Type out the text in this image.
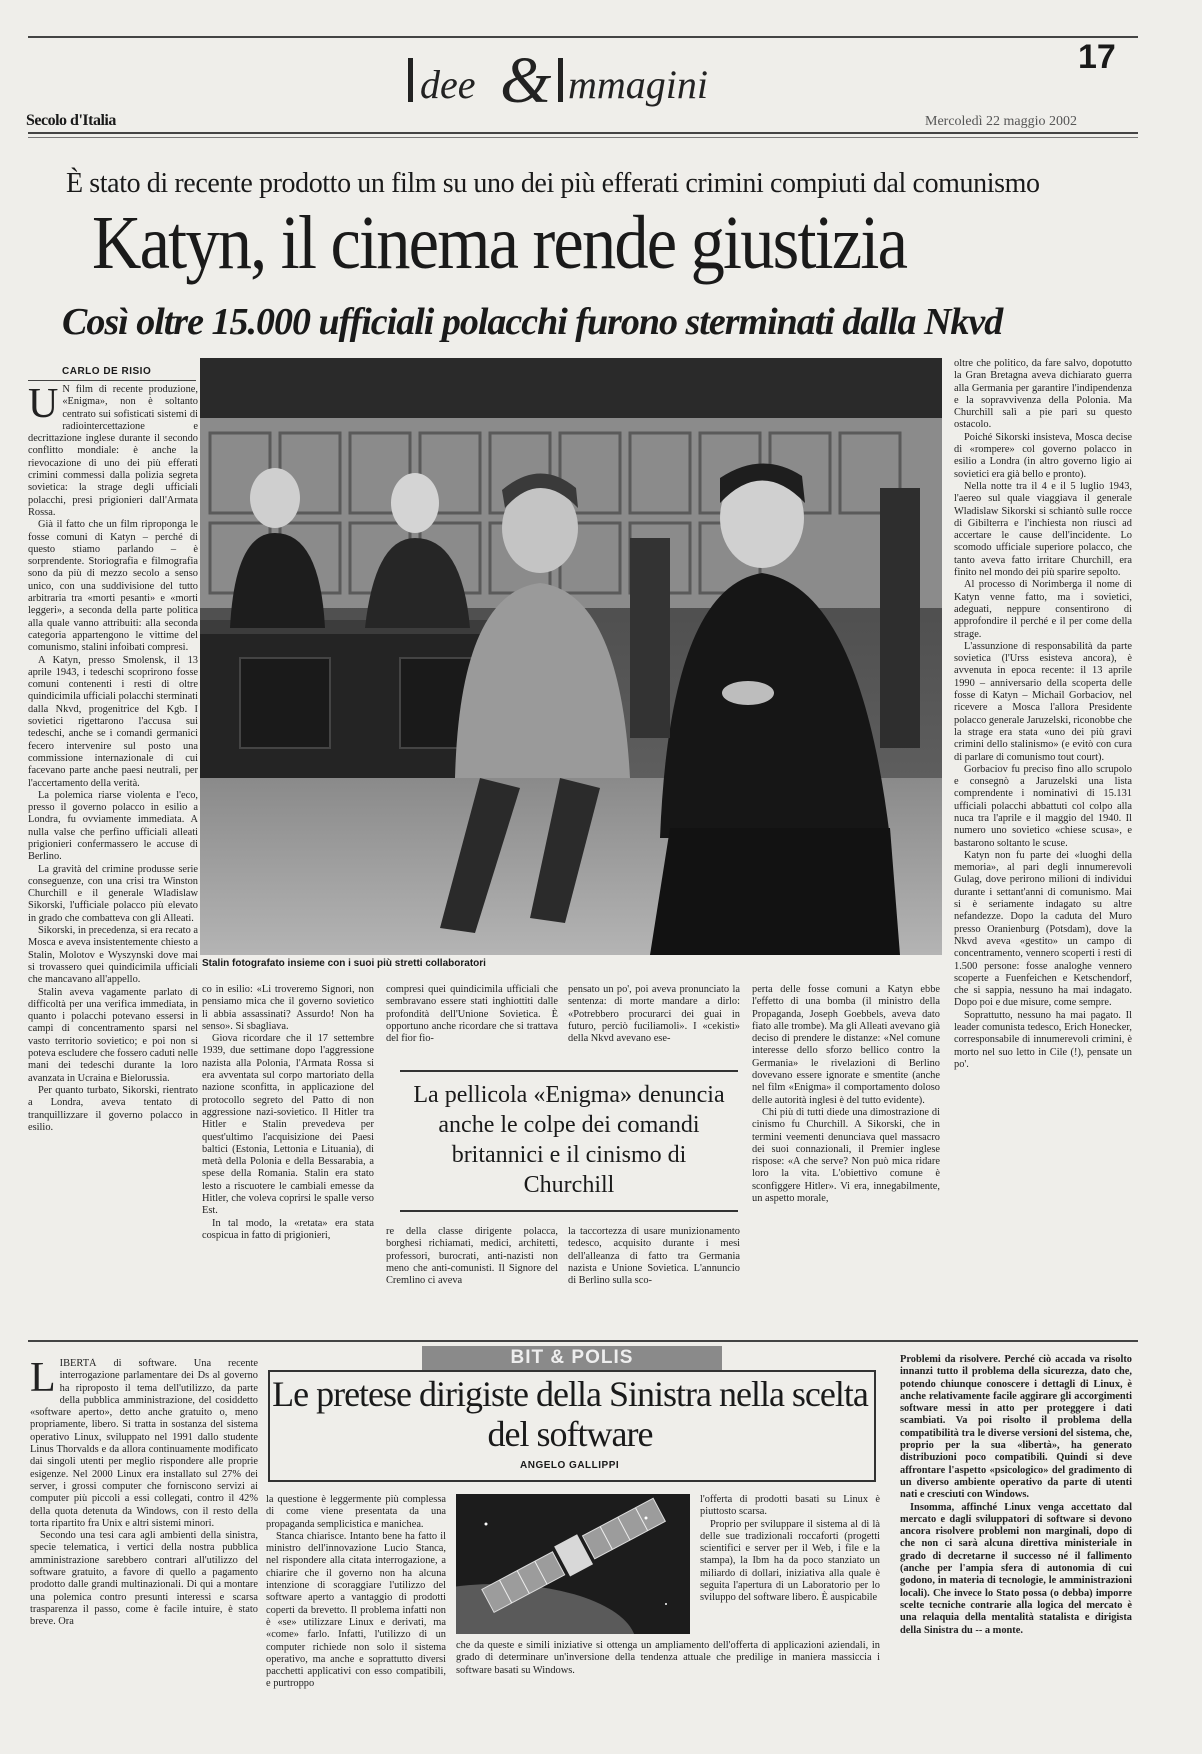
dee & mmagini
17
Secolo d'Italia	Mercoledì 22 maggio 2002
È stato di recente prodotto un film su uno dei più efferati crimini compiuti dal comunismo
Katyn, il cinema rende giustizia
Così oltre 15.000 ufficiali polacchi furono sterminati dalla Nkvd
CARLO DE RISIO

U N film di recente produzione, «Enigma», non è soltanto centrato sui sofisticati sistemi di radiointercettazione e decrittazione inglese durante il secondo conflitto mondiale: è anche la rievocazione di uno dei più efferati crimini commessi dalla polizia segreta sovietica: la strage degli ufficiali polacchi, presi prigionieri dall'Armata Rossa.

Già il fatto che un film riproponga le fosse comuni di Katyn – perché di questo stiamo parlando – è sorprendente. Storiografia e filmografia sono da più di mezzo secolo a senso unico, con una suddivisione del tutto arbitraria tra «morti pesanti» e «morti leggeri», a seconda della parte politica alla quale vanno attribuiti: alla seconda categoria appartengono le vittime del comunismo, stalini infoibati compresi.

A Katyn, presso Smolensk, il 13 aprile 1943, i tedeschi scoprirono fosse comuni contenenti i resti di oltre quindicimila ufficiali polacchi sterminati dalla Nkvd, progenitrice del Kgb. I sovietici rigettarono l'accusa sui tedeschi, anche se i comandi germanici fecero intervenire sul posto una commissione internazionale di cui facevano parte anche paesi neutrali, per l'accertamento della verità.

La polemica riarse violenta e l'eco, presso il governo polacco in esilio a Londra, fu ovviamente immediata. A nulla valse che perfino ufficiali alleati prigionieri confermassero le accuse di Berlino.

La gravità del crimine produsse serie conseguenze, con una crisi tra Winston Churchill e il generale Wladislaw Sikorski, l'ufficiale polacco più elevato in grado che combatteva con gli Alleati.

Sikorski, in precedenza, si era recato a Mosca e aveva insistentemente chiesto a Stalin, Molotov e Wyszynski dove mai si trovassero quei quindicimila ufficiali che mancavano all'appello.

Stalin aveva vagamente parlato di difficoltà per una verifica immediata, in quanto i polacchi potevano essersi in campi di concentramento sparsi nel vasto territorio sovietico; e poi non si poteva escludere che fossero caduti nelle mani dei tedeschi durante la loro avanzata in Ucraina e Bielorussia.

Per quanto turbato, Sikorski, rientrato a Londra, aveva tentato di tranquillizzare il governo polacco in esilio.

Stalin fotografato insieme con i suoi più stretti collaboratori

oltre che politico, da fare salvo, dopotutto la Gran Bretagna aveva dichiarato guerra alla Germania per garantire l'indipendenza e la sopravvivenza della Polonia. Ma Churchill salì a pie pari su questo ostacolo.

Poiché Sikorski insisteva, Mosca decise di «rompere» col governo polacco in esilio a Londra (in altro governo ligio ai sovietici era già bello e pronto).

Nella notte tra il 4 e il 5 luglio 1943, l'aereo sul quale viaggiava il generale Wladislaw Sikorski si schiantò sulle rocce di Gibilterra e l'inchiesta non riuscì ad accertare le cause dell'incidente. Lo scomodo ufficiale superiore polacco, che tanto aveva fatto irritare Churchill, era finito nel mondo dei più sparire sepolto.

Al processo di Norimberga il nome di Katyn venne fatto, ma i sovietici, adeguati, neppure consentirono di approfondire il perché e il per come della strage.

L'assunzione di responsabilità da parte sovietica (l'Urss esisteva ancora), è avvenuta in epoca recente: il 13 aprile 1990 – anniversario della scoperta delle fosse di Katyn – Michail Gorbaciov, nel ricevere a Mosca l'allora Presidente polacco generale Jaruzelski, riconobbe che la strage era stata «uno dei più gravi crimini dello stalinismo» (e evitò con cura di parlare di comunismo tout court).

Gorbaciov fu preciso fino allo scrupolo e consegnò a Jaruzelski una lista comprendente i nominativi di 15.131 ufficiali polacchi abbattuti col colpo alla nuca tra l'aprile e il maggio del 1940. Il numero uno sovietico «chiese scusa», e bastarono soltanto le scuse.

Katyn non fu parte dei «luoghi della memoria», al pari degli innumerevoli Gulag, dove perirono milioni di individui durante i settant'anni di comunismo. Mai si è seriamente indagato su altre nefandezze. Dopo la caduta del Muro presso Oranienburg (Potsdam), dove la Nkvd aveva «gestito» un campo di concentramento, vennero scoperti i resti di 1.500 persone: fosse analoghe vennero scoperte a Fuenfeichen e Ketschendorf, che si sappia, nessuno ha mai indagato. Dopo poi e due misure, come sempre.

Soprattutto, nessuno ha mai pagato. Il leader comunista tedesco, Erich Honecker, corresponsabile di innumerevoli crimini, è morto nel suo letto in Cile (!), pensate un po'.

co in esilio: «Li troveremo Signori, non pensiamo mica che il governo sovietico li abbia assassinati? Assurdo! Non ha senso». Si sbagliava.

Giova ricordare che il 17 settembre 1939, due settimane dopo l'aggressione nazista alla Polonia, l'Armata Rossa si era avventata sul corpo martoriato della nazione sconfitta, in applicazione del protocollo segreto del Patto di non aggressione nazi-sovietico. Il Hitler tra Hitler e Stalin prevedeva per quest'ultimo l'acquisizione dei Paesi baltici (Estonia, Lettonia e Lituania), di metà della Polonia e della Bessarabia, a spese della Romania. Stalin era stato lesto a riscuotere le cambiali emesse da Hitler, che voleva coprirsi le spalle verso Est.

In tal modo, la «retata» era stata cospicua in fatto di prigionieri,

compresi quei quindicimila ufficiali che sembravano essere stati inghiottiti dalle profondità dell'Unione Sovietica. È opportuno anche ricordare che si trattava del fior fio-

pensato un po', poi aveva pronunciato la sentenza: di morte mandare a dirlo: «Potrebbero procurarci dei guai in futuro, perciò fuciliamoli». I «cekisti» della Nkvd avevano ese-

perta delle fosse comuni a Katyn ebbe l'effetto di una bomba (il ministro della Propaganda, Joseph Goebbels, aveva dato fiato alle trombe). Ma gli Alleati avevano già deciso di prendere le distanze: «Nel comune interesse dello sforzo bellico contro la Germania» le rivelazioni di Berlino dovevano essere ignorate e smentite (anche nel film «Enigma» il comportamento doloso delle autorità inglesi è del tutto evidente).

Chi più di tutti diede una dimostrazione di cinismo fu Churchill. A Sikorski, che in termini veementi denunciava quel massacro dei suoi connazionali, il Premier inglese rispose: «A che serve? Non può mica ridare loro la vita. L'obiettivo comune è sconfiggere Hitler». Vi era, innegabilmente, un aspetto morale,

La pellicola «Enigma» denuncia anche le colpe dei comandi britannici e il cinismo di Churchill

re della classe dirigente polacca, borghesi richiamati, medici, architetti, professori, burocrati, anti-nazisti non meno che anti-comunisti. Il Signore del Cremlino ci aveva

la taccortezza di usare munizionamento tedesco, acquisito durante i mesi dell'alleanza di fatto tra Germania nazista e Unione Sovietica. L'annuncio di Berlino sulla sco-

BIT & POLIS
Le pretese dirigiste della Sinistra nella scelta del software
ANGELO GALLIPPI

LIBERTÀ di software. Una recente interrogazione parlamentare dei Ds al governo ha riproposto il tema dell'utilizzo, da parte della pubblica amministrazione, del cosiddetto «software aperto», detto anche gratuito o, meno propriamente, libero. Si tratta in sostanza del sistema operativo Linux, sviluppato nel 1991 dallo studente Linus Thorvalds e da allora continuamente modificato dai singoli utenti per meglio rispondere alle proprie esigenze. Nel 2000 Linux era installato sul 27% dei server, i grossi computer che forniscono servizi ai computer più piccoli a essi collegati, contro il 42% della quota detenuta da Windows, con il resto della torta ripartito fra Unix e altri sistemi minori.

Secondo una tesi cara agli ambienti della sinistra, specie telematica, i vertici della nostra pubblica amministrazione sarebbero contrari all'utilizzo del software gratuito, a favore di quello a pagamento prodotto dalle grandi multinazionali. Di qui a montare una polemica contro presunti interessi e scarsa trasparenza il passo, come è facile intuire, è stato breve. Ora

la questione è leggermente più complessa di come viene presentata da una propaganda semplicistica e manichea.

Stanca chiarisce. Intanto bene ha fatto il ministro dell'innovazione Lucio Stanca, nel rispondere alla citata interrogazione, a chiarire che il governo non ha alcuna intenzione di scoraggiare l'utilizzo del software aperto a vantaggio di prodotti coperti da brevetto. Il problema infatti non è «se» utilizzare Linux e derivati, ma «come» farlo. Infatti, l'utilizzo di un computer richiede non solo il sistema operativo, ma anche e soprattutto diversi pacchetti applicativi con esso compatibili, e purtroppo

l'offerta di prodotti basati su Linux è piuttosto scarsa.

Proprio per sviluppare il sistema al di là delle sue tradizionali roccaforti (progetti scientifici e server per il Web, i file e la stampa), la Ibm ha da poco stanziato un miliardo di dollari, iniziativa alla quale è seguita l'apertura di un Laboratorio per lo sviluppo del software libero. È auspicabile

che da queste e simili iniziative si ottenga un ampliamento dell'offerta di applicazioni aziendali, in grado di determinare un'inversione della tendenza attuale che predilige in maniera massiccia i software basati su Windows.

Problemi da risolvere. Perché ciò accada va risolto innanzi tutto il problema della sicurezza, dato che, potendo chiunque conoscere i dettagli di Linux, è anche relativamente facile aggirare gli accorgimenti software messi in atto per proteggere i dati scambiati. Va poi risolto il problema della compatibilità tra le diverse versioni del sistema, che, proprio per la sua «libertà», ha generato distribuzioni poco compatibili. Quindi si deve affrontare l'aspetto «psicologico» del gradimento di un diverso ambiente operativo da parte di utenti nati e cresciuti con Windows.

Insomma, affinché Linux venga accettato dal mercato e dagli sviluppatori di software si devono ancora risolvere problemi non marginali, dopo di che non ci sarà alcuna direttiva ministeriale in grado di decretarne il successo né il fallimento (anche per l'ampia sfera di autonomia di cui godono, in materia di tecnologie, le amministrazioni locali). Che invece lo Stato possa (o debba) imporre scelte tecniche contrarie alla logica del mercato è una relaquia della mentalità statalista e dirigista della Sinistra du -- a monte.
